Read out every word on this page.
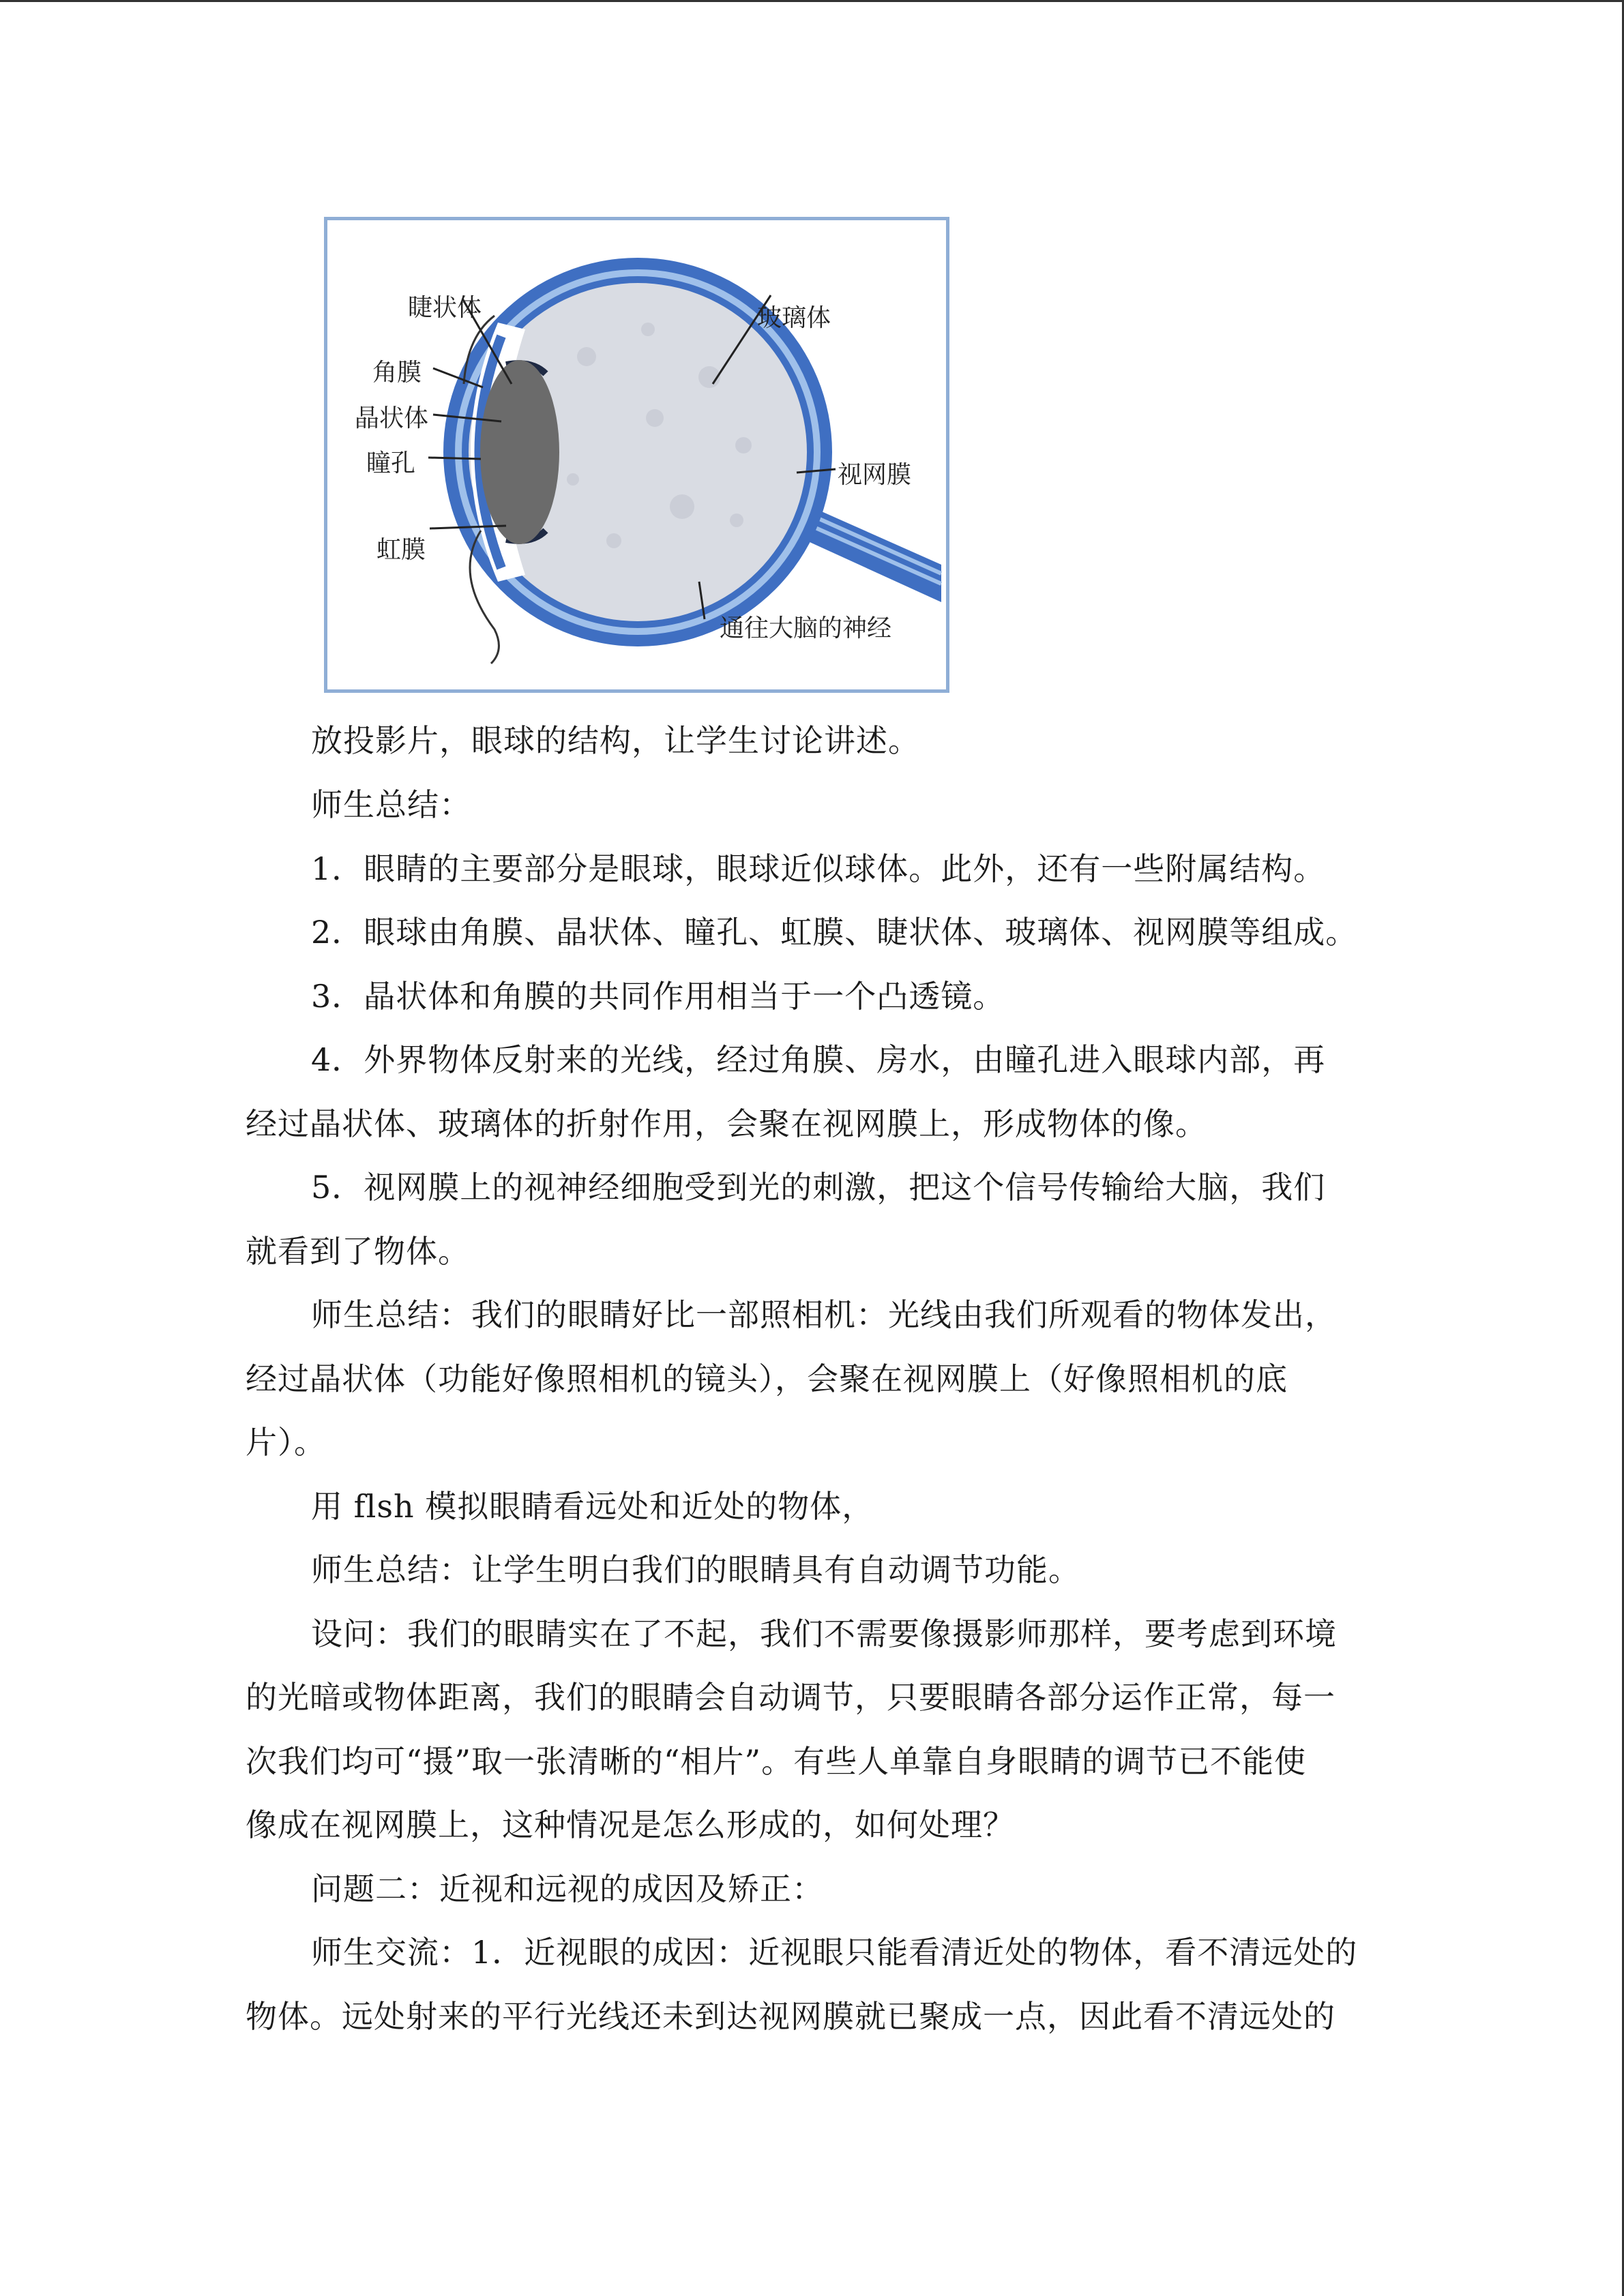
睫状体
角膜
晶状体
瞳孔
虹膜
玻璃体
视网膜
通往大脑的神经
放投影片，眼球的结构，让学生讨论讲述。
师生总结：
1．眼睛的主要部分是眼球，眼球近似球体。此外，还有一些附属结构。
2．眼球由角膜、晶状体、瞳孔、虹膜、睫状体、玻璃体、视网膜等组成。
3．晶状体和角膜的共同作用相当于一个凸透镜。
4．外界物体反射来的光线，经过角膜、房水，由瞳孔进入眼球内部，再
经过晶状体、玻璃体的折射作用，会聚在视网膜上，形成物体的像。
5．视网膜上的视神经细胞受到光的刺激，把这个信号传输给大脑，我们
就看到了物体。
师生总结：我们的眼睛好比一部照相机：光线由我们所观看的物体发出，
经过晶状体（功能好像照相机的镜头），会聚在视网膜上（好像照相机的底
片）。
用 flsh 模拟眼睛看远处和近处的物体，
师生总结：让学生明白我们的眼睛具有自动调节功能。
设问：我们的眼睛实在了不起，我们不需要像摄影师那样，要考虑到环境
的光暗或物体距离，我们的眼睛会自动调节，只要眼睛各部分运作正常，每一
次我们均可“摄”取一张清晰的“相片”。有些人单靠自身眼睛的调节已不能使
像成在视网膜上，这种情况是怎么形成的，如何处理？
问题二：近视和远视的成因及矫正：
师生交流：1．近视眼的成因：近视眼只能看清近处的物体，看不清远处的
物体。远处射来的平行光线还未到达视网膜就已聚成一点，因此看不清远处的
